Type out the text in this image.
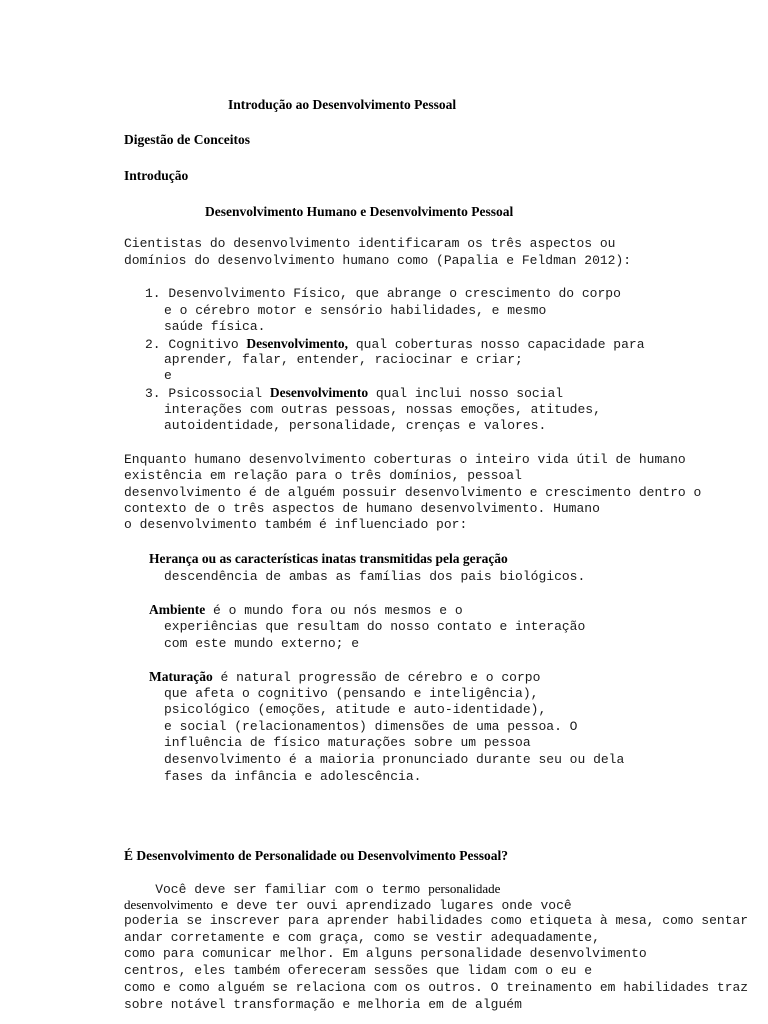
Introdução ao Desenvolvimento Pessoal
Digestão de Conceitos
Introdução
Desenvolvimento Humano e Desenvolvimento Pessoal
Cientistas do desenvolvimento identificaram os três aspectos ou
domínios do desenvolvimento humano como (Papalia e Feldman 2012):
1. Desenvolvimento Físico, que abrange o crescimento do corpo
e o cérebro motor e sensório habilidades, e mesmo
saúde física.
2. Cognitivo Desenvolvimento, qual coberturas nosso capacidade para
aprender, falar, entender, raciocinar e criar;
e
3. Psicossocial Desenvolvimento qual inclui nosso social
interações com outras pessoas, nossas emoções, atitudes,
autoidentidade, personalidade, crenças e valores.
Enquanto humano desenvolvimento coberturas o inteiro vida útil de humano
existência em relação para o três domínios, pessoal
desenvolvimento é de alguém possuir desenvolvimento e crescimento dentro o
contexto de o três aspectos de humano desenvolvimento. Humano
o desenvolvimento também é influenciado por:
Herança ou as características inatas transmitidas pela geração
descendência de ambas as famílias dos pais biológicos.
Ambiente é o mundo fora ou nós mesmos e o
experiências que resultam do nosso contato e interação
com este mundo externo; e
Maturação é natural progressão de cérebro e o corpo
que afeta o cognitivo (pensando e inteligência),
psicológico (emoções, atitude e auto-identidade),
e social (relacionamentos) dimensões de uma pessoa. O
influência de físico maturações sobre um pessoa
desenvolvimento é a maioria pronunciado durante seu ou dela
fases da infância e adolescência.
É Desenvolvimento de Personalidade ou Desenvolvimento Pessoal?
Você deve ser familiar com o termo personalidade
desenvolvimento e deve ter ouvi aprendizado lugares onde você
poderia se inscrever para aprender habilidades como etiqueta à mesa, como sentar
andar corretamente e com graça, como se vestir adequadamente,
como para comunicar melhor. Em alguns personalidade desenvolvimento
centros, eles também ofereceram sessões que lidam com o eu e
como e como alguém se relaciona com os outros. O treinamento em habilidades traz
sobre notável transformação e melhoria em de alguém
